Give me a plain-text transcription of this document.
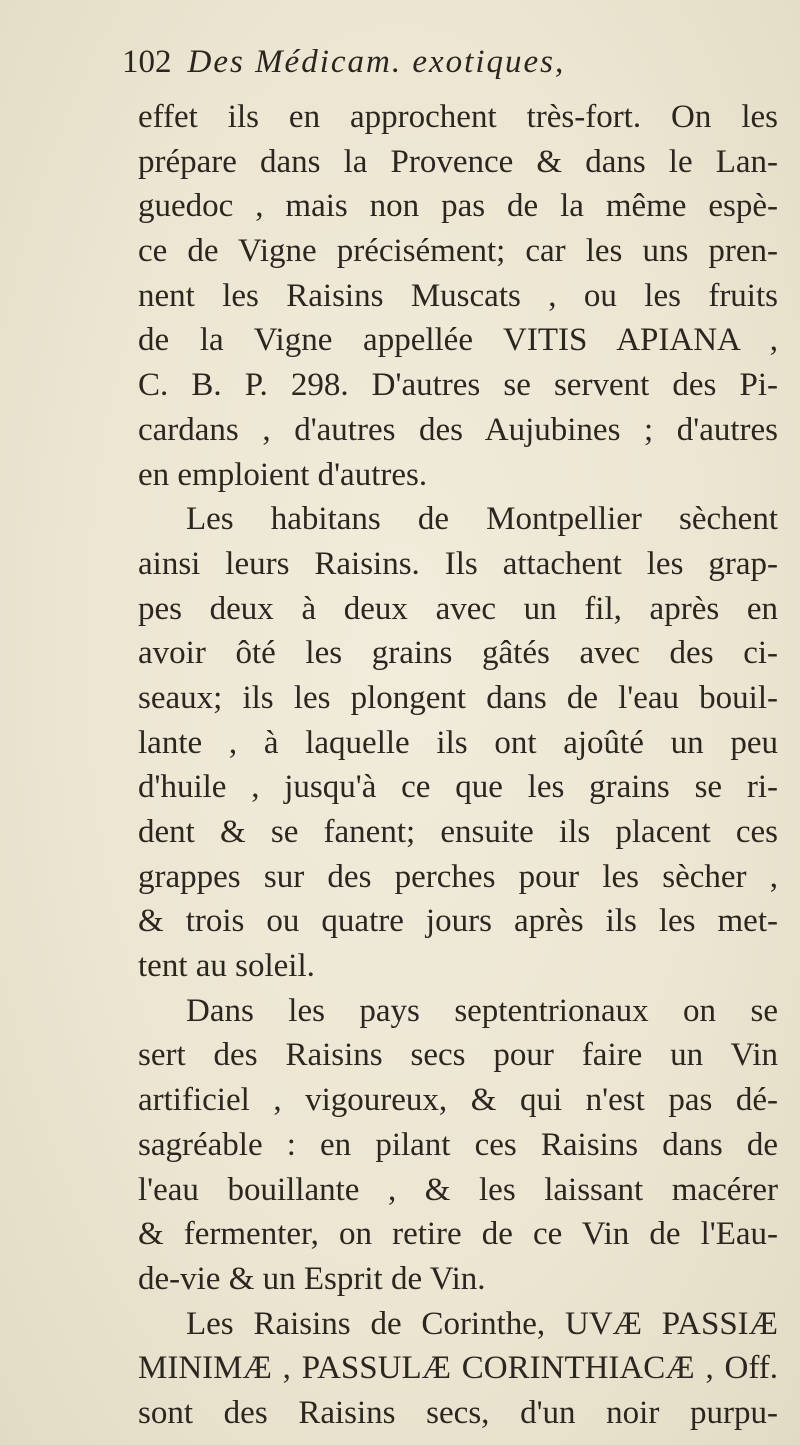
102 Des Médicam. exotiques,
effet ils en approchent très-fort. On les
prépare dans la Provence & dans le Lan-
guedoc , mais non pas de la même espè-
ce de Vigne précisément; car les uns pren-
nent les Raisins Muscats , ou les fruits
de la Vigne appellée VITIS APIANA ,
C. B. P. 298. D'autres se servent des Pi-
cardans , d'autres des Aujubines ; d'autres
en emploient d'autres.
Les habitans de Montpellier sèchent
ainsi leurs Raisins. Ils attachent les grap-
pes deux à deux avec un fil, après en
avoir ôté les grains gâtés avec des ci-
seaux; ils les plongent dans de l'eau bouil-
lante , à laquelle ils ont ajoûté un peu
d'huile , jusqu'à ce que les grains se ri-
dent & se fanent; ensuite ils placent ces
grappes sur des perches pour les sècher ,
& trois ou quatre jours après ils les met-
tent au soleil.
Dans les pays septentrionaux on se
sert des Raisins secs pour faire un Vin
artificiel , vigoureux, & qui n'est pas dé-
sagréable : en pilant ces Raisins dans de
l'eau bouillante , & les laissant macérer
& fermenter, on retire de ce Vin de l'Eau-
de-vie & un Esprit de Vin.
Les Raisins de Corinthe, UVÆ PASSIÆ
MINIMÆ , PASSULÆ CORINTHIACÆ , Off.
sont des Raisins secs, d'un noir purpu-
